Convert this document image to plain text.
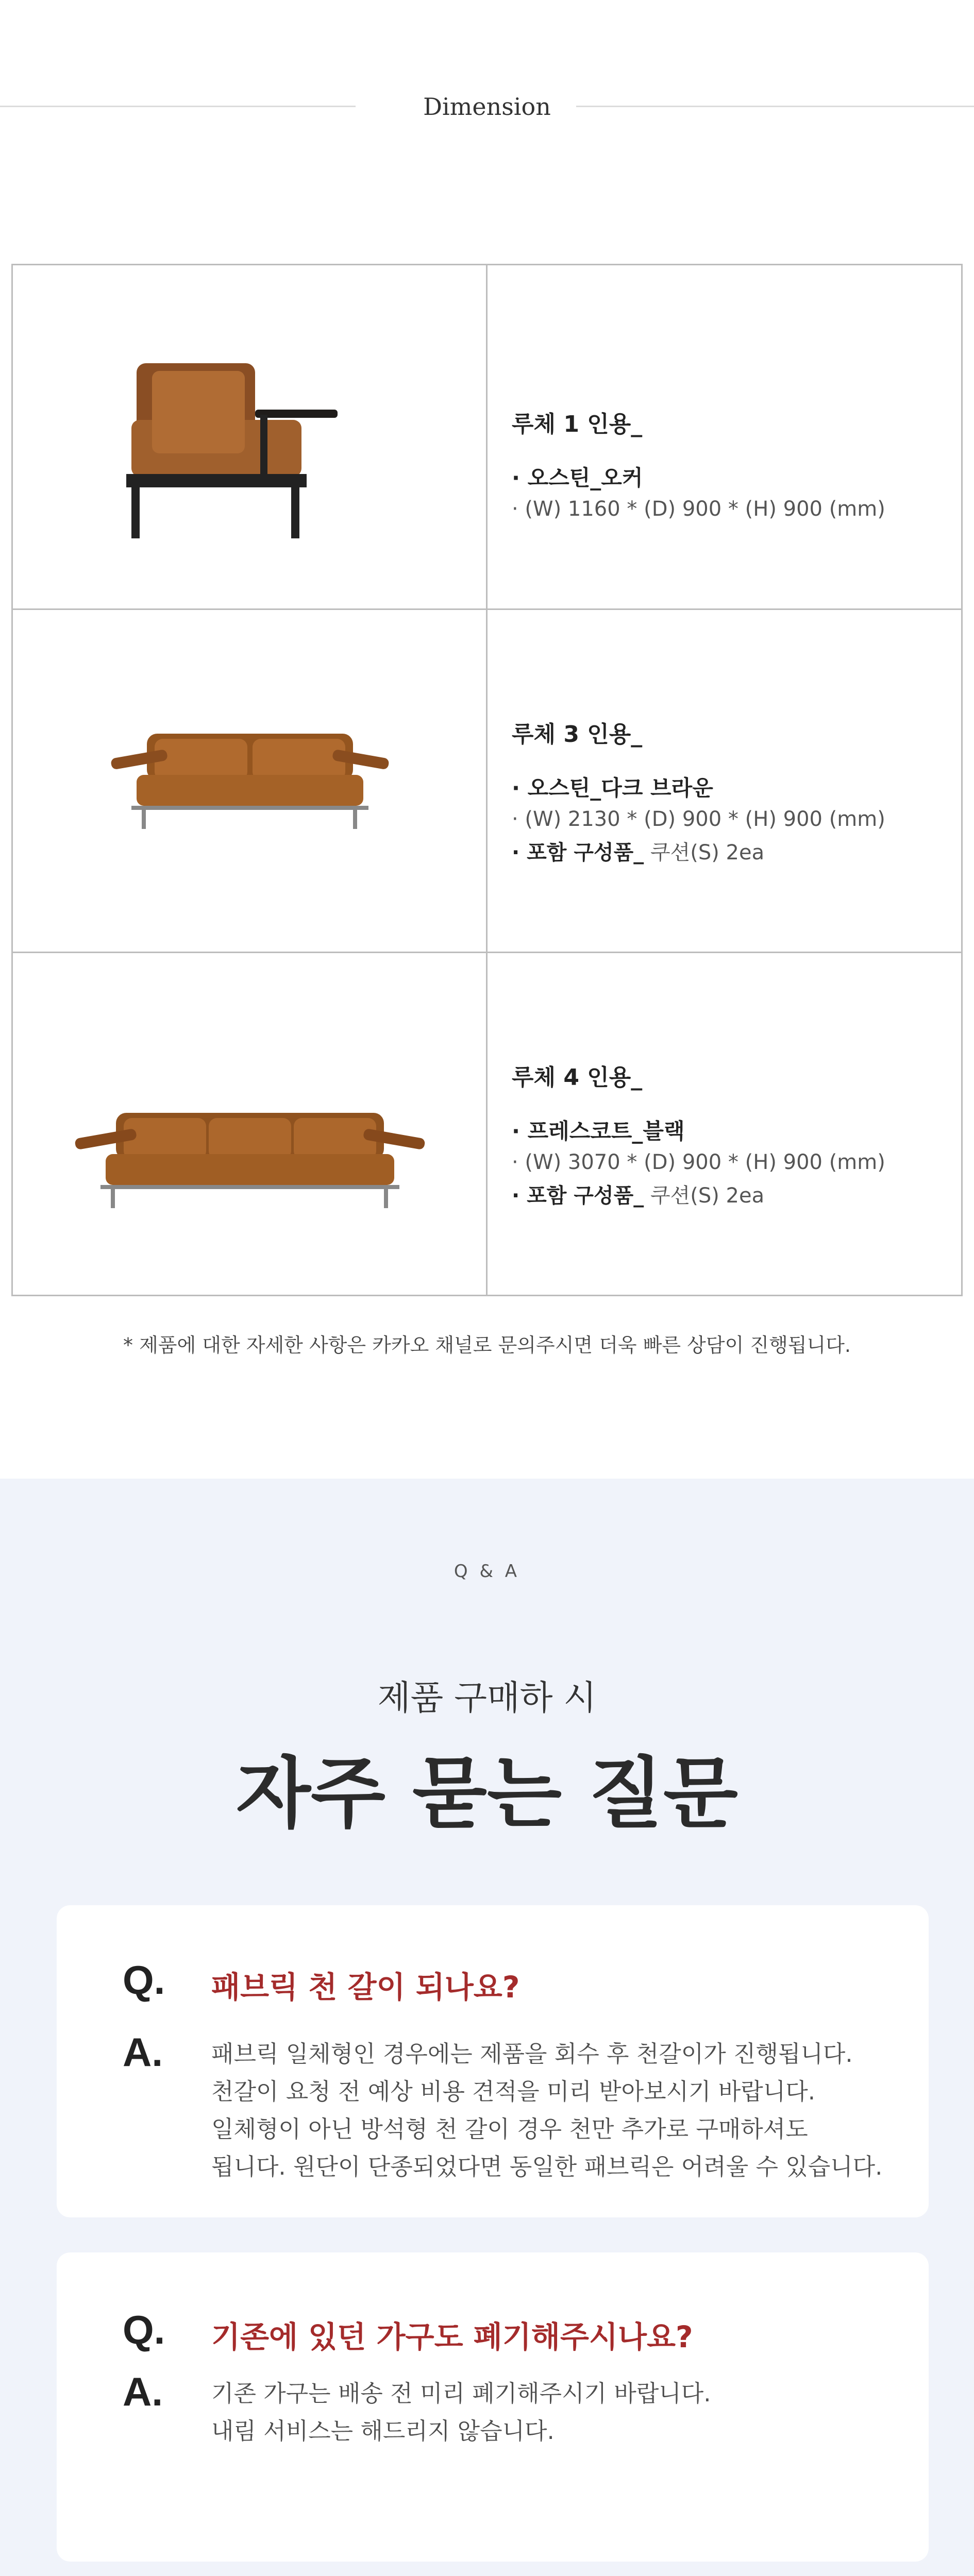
Dimension
루체 1 인용_
· 오스틴_오커
· (W) 1160 * (D) 900 * (H) 900 (mm)
루체 3 인용_
· 오스틴_다크 브라운
· (W) 2130 * (D) 900 * (H) 900 (mm)
· 포함 구성품_ 쿠션(S) 2ea
루체 4 인용_
· 프레스코트_블랙
· (W) 3070 * (D) 900 * (H) 900 (mm)
· 포함 구성품_ 쿠션(S) 2ea
* 제품에 대한 자세한 사항은 카카오 채널로 문의주시면 더욱 빠른 상담이 진행됩니다.
Q & A
제품 구매하 시
자주 묻는 질문
Q. 패브릭 천 갈이 되나요?
A. 패브릭 일체형인 경우에는 제품을 회수 후 천갈이가 진행됩니다.
천갈이 요청 전 예상 비용 견적을 미리 받아보시기 바랍니다.
일체형이 아닌 방석형 천 갈이 경우 천만 추가로 구매하셔도
됩니다. 원단이 단종되었다면 동일한 패브릭은 어려울 수 있습니다.
Q. 기존에 있던 가구도 폐기해주시나요?
A. 기존 가구는 배송 전 미리 폐기해주시기 바랍니다.
내림 서비스는 해드리지 않습니다.
